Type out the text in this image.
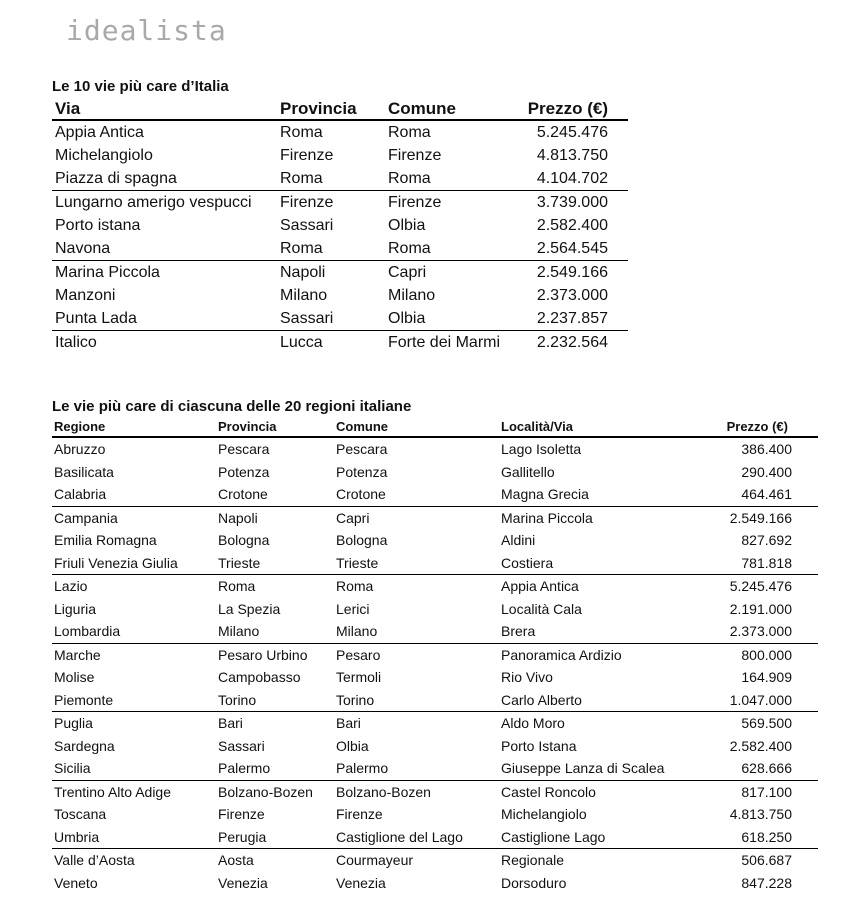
idealista
Le 10 vie più care d’Italia
Via	Provincia	Comune	Prezzo (€)
Appia Antica	Roma	Roma	5.245.476
Michelangiolo	Firenze	Firenze	4.813.750
Piazza di spagna	Roma	Roma	4.104.702
Lungarno amerigo vespucci	Firenze	Firenze	3.739.000
Porto istana	Sassari	Olbia	2.582.400
Navona	Roma	Roma	2.564.545
Marina Piccola	Napoli	Capri	2.549.166
Manzoni	Milano	Milano	2.373.000
Punta Lada	Sassari	Olbia	2.237.857
Italico	Lucca	Forte dei Marmi	2.232.564
Le vie più care di ciascuna delle 20 regioni italiane
Regione	Provincia	Comune	Località/Via	Prezzo (€)
Abruzzo	Pescara	Pescara	Lago Isoletta	386.400
Basilicata	Potenza	Potenza	Gallitello	290.400
Calabria	Crotone	Crotone	Magna Grecia	464.461
Campania	Napoli	Capri	Marina Piccola	2.549.166
Emilia Romagna	Bologna	Bologna	Aldini	827.692
Friuli Venezia Giulia	Trieste	Trieste	Costiera	781.818
Lazio	Roma	Roma	Appia Antica	5.245.476
Liguria	La Spezia	Lerici	Località Cala	2.191.000
Lombardia	Milano	Milano	Brera	2.373.000
Marche	Pesaro Urbino	Pesaro	Panoramica Ardizio	800.000
Molise	Campobasso	Termoli	Rio Vivo	164.909
Piemonte	Torino	Torino	Carlo Alberto	1.047.000
Puglia	Bari	Bari	Aldo Moro	569.500
Sardegna	Sassari	Olbia	Porto Istana	2.582.400
Sicilia	Palermo	Palermo	Giuseppe Lanza di Scalea	628.666
Trentino Alto Adige	Bolzano-Bozen	Bolzano-Bozen	Castel Roncolo	817.100
Toscana	Firenze	Firenze	Michelangiolo	4.813.750
Umbria	Perugia	Castiglione del Lago	Castiglione Lago	618.250
Valle d’Aosta	Aosta	Courmayeur	Regionale	506.687
Veneto	Venezia	Venezia	Dorsoduro	847.228
